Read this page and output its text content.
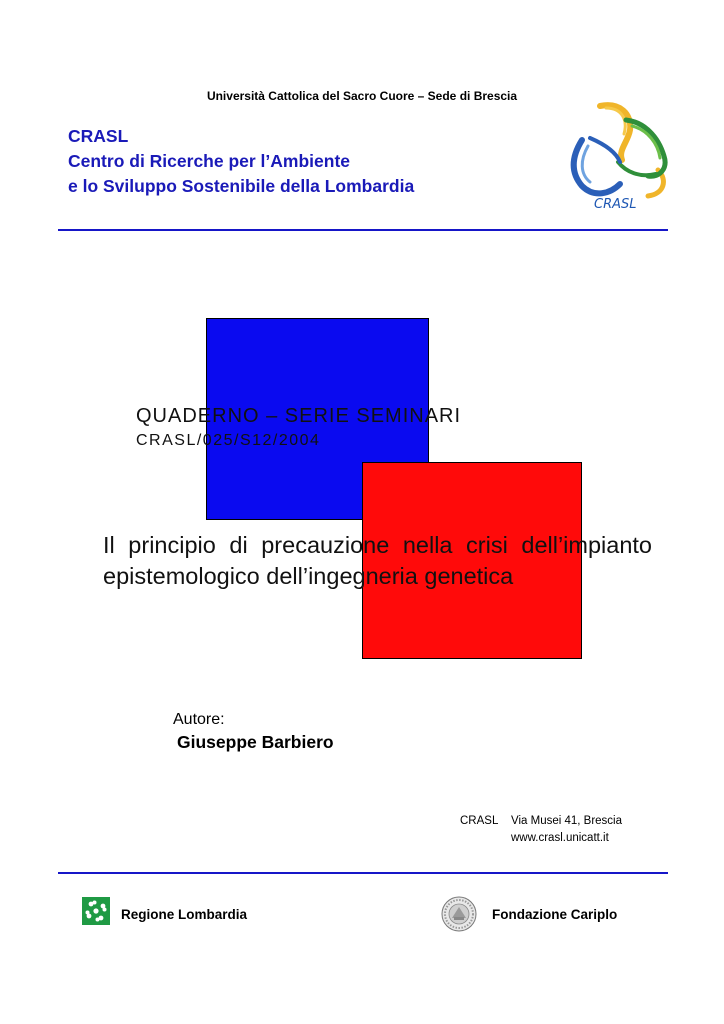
Università Cattolica del Sacro Cuore – Sede di Brescia
CRASL
Centro di Ricerche per l’Ambiente
e lo Sviluppo Sostenibile della Lombardia
CRASL
QUADERNO – SERIE SEMINARI
CRASL/025/S12/2004
Il principio di precauzione nella crisi dell’impianto epistemologico dell’ingegneria genetica
Autore:
Giuseppe Barbiero
CRASL Via Musei 41, Brescia
www.crasl.unicatt.it
Regione Lombardia	Fondazione Cariplo
